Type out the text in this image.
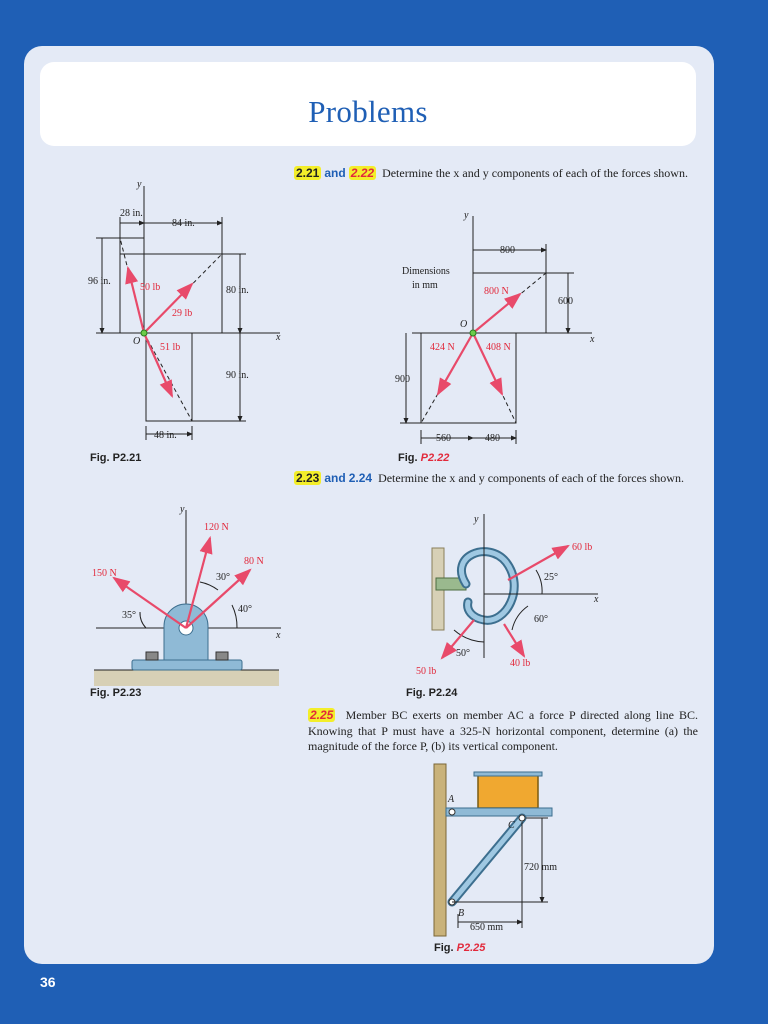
Problems
2.21 and 2.22 Determine the x and y components of each of the forces shown.
2.23 and 2.24 Determine the x and y components of each of the forces shown.
2.25 Member BC exerts on member AC a force P directed along line BC. Knowing that P must have a 325-N horizontal component, determine (a) the magnitude of the force P, (b) its vertical component.
y
x
O
28 in.
84 in.
96 in.
80 in.
90 in.
48 in.
50 lb
29 lb
51 lb
Fig. P2.21
y
x
O
Dimensions
in mm
800
600
900
560	480
800 N
424 N	408 N
Fig. P2.22
y
x
35°
30°
40°
150 N
120 N
80 N
Fig. P2.23
y
x
25°
60°
50°
60 lb
40 lb
50 lb
Fig. P2.24
A
C
B
720 mm
650 mm
Fig. P2.25
36
